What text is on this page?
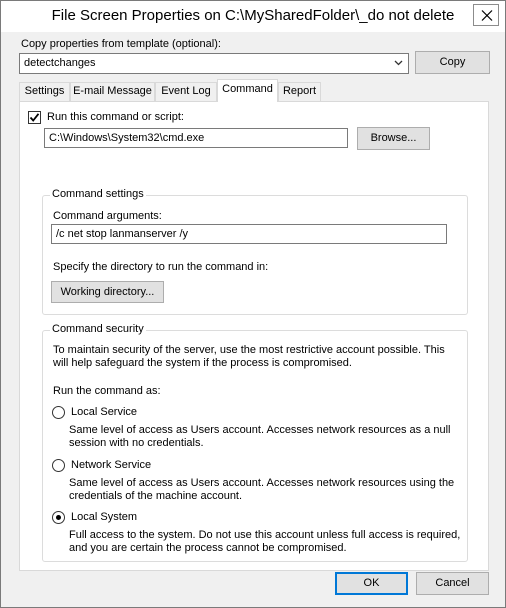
File Screen Properties on C:\MySharedFolder\_do not delete
Copy properties from template (optional):
detectchanges	Copy
Settings E-mail Message Event Log	Command Report
Run this command or script:
C:\Windows\System32\cmd.exe	Browse...
Command settings
Command arguments:
/c net stop lanmanserver /y
Specify the directory to run the command in:
Working directory...
Command security
To maintain security of the server, use the most restrictive account possible. This will help safeguard the system if the process is compromised.
Run the command as:
Local Service
Same level of access as Users account. Accesses network resources as a null session with no credentials.
Network Service
Same level of access as Users account. Accesses network resources using the credentials of the machine account.
Local System
Full access to the system. Do not use this account unless full access is required, and you are certain the process cannot be compromised.
OK	Cancel
